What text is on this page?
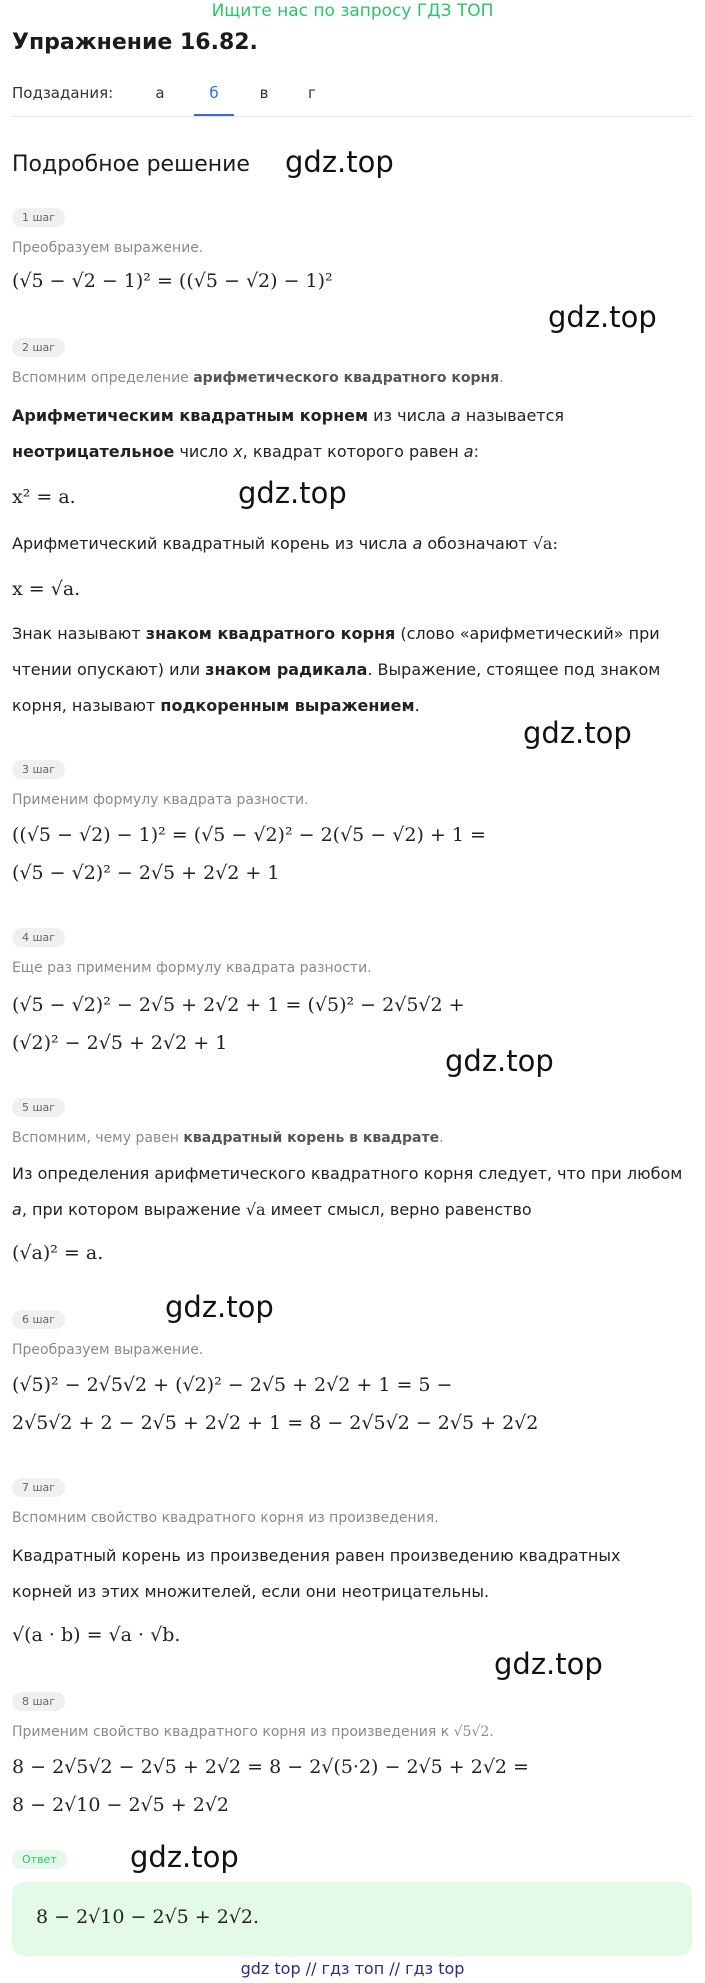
Ищите нас по запросу ГДЗ ТОП
Упражнение 16.82.
Подзадания:	а	б	в	г
Подробное решение gdz.top
gdz.top
gdz.top
gdz.top
gdz.top
gdz.top
gdz.top
gdz.top
1 шаг
Преобразуем выражение.
(√5 − √2 − 1)² = ((√5 − √2) − 1)²
2 шаг
Вспомним определение арифметического квадратного корня.
Арифметическим квадратным корнем из числа a называется
неотрицательное число x, квадрат которого равен a:
x² = a.
Арифметический квадратный корень из числа a обозначают √a:
x = √a.
Знак называют знаком квадратного корня (слово «арифметический» при
чтении опускают) или знаком радикала. Выражение, стоящее под знаком
корня, называют подкоренным выражением.
3 шаг
Применим формулу квадрата разности.
((√5 − √2) − 1)² = (√5 − √2)² − 2(√5 − √2) + 1 =
(√5 − √2)² − 2√5 + 2√2 + 1
4 шаг
Еще раз применим формулу квадрата разности.
(√5 − √2)² − 2√5 + 2√2 + 1 = (√5)² − 2√5√2 +
(√2)² − 2√5 + 2√2 + 1
5 шаг
Вспомним, чему равен квадратный корень в квадрате.
Из определения арифметического квадратного корня следует, что при любом
a, при котором выражение √a имеет смысл, верно равенство
(√a)² = a.
6 шаг
Преобразуем выражение.
(√5)² − 2√5√2 + (√2)² − 2√5 + 2√2 + 1 = 5 −
2√5√2 + 2 − 2√5 + 2√2 + 1 = 8 − 2√5√2 − 2√5 + 2√2
7 шаг
Вспомним свойство квадратного корня из произведения.
Квадратный корень из произведения равен произведению квадратных
корней из этих множителей, если они неотрицательны.
√(a · b) = √a · √b.
8 шаг
Применим свойство квадратного корня из произведения к √5√2.
8 − 2√5√2 − 2√5 + 2√2 = 8 − 2√(5·2) − 2√5 + 2√2 =
8 − 2√10 − 2√5 + 2√2
Ответ
8 − 2√10 − 2√5 + 2√2.
gdz top // гдз топ // гдз top
